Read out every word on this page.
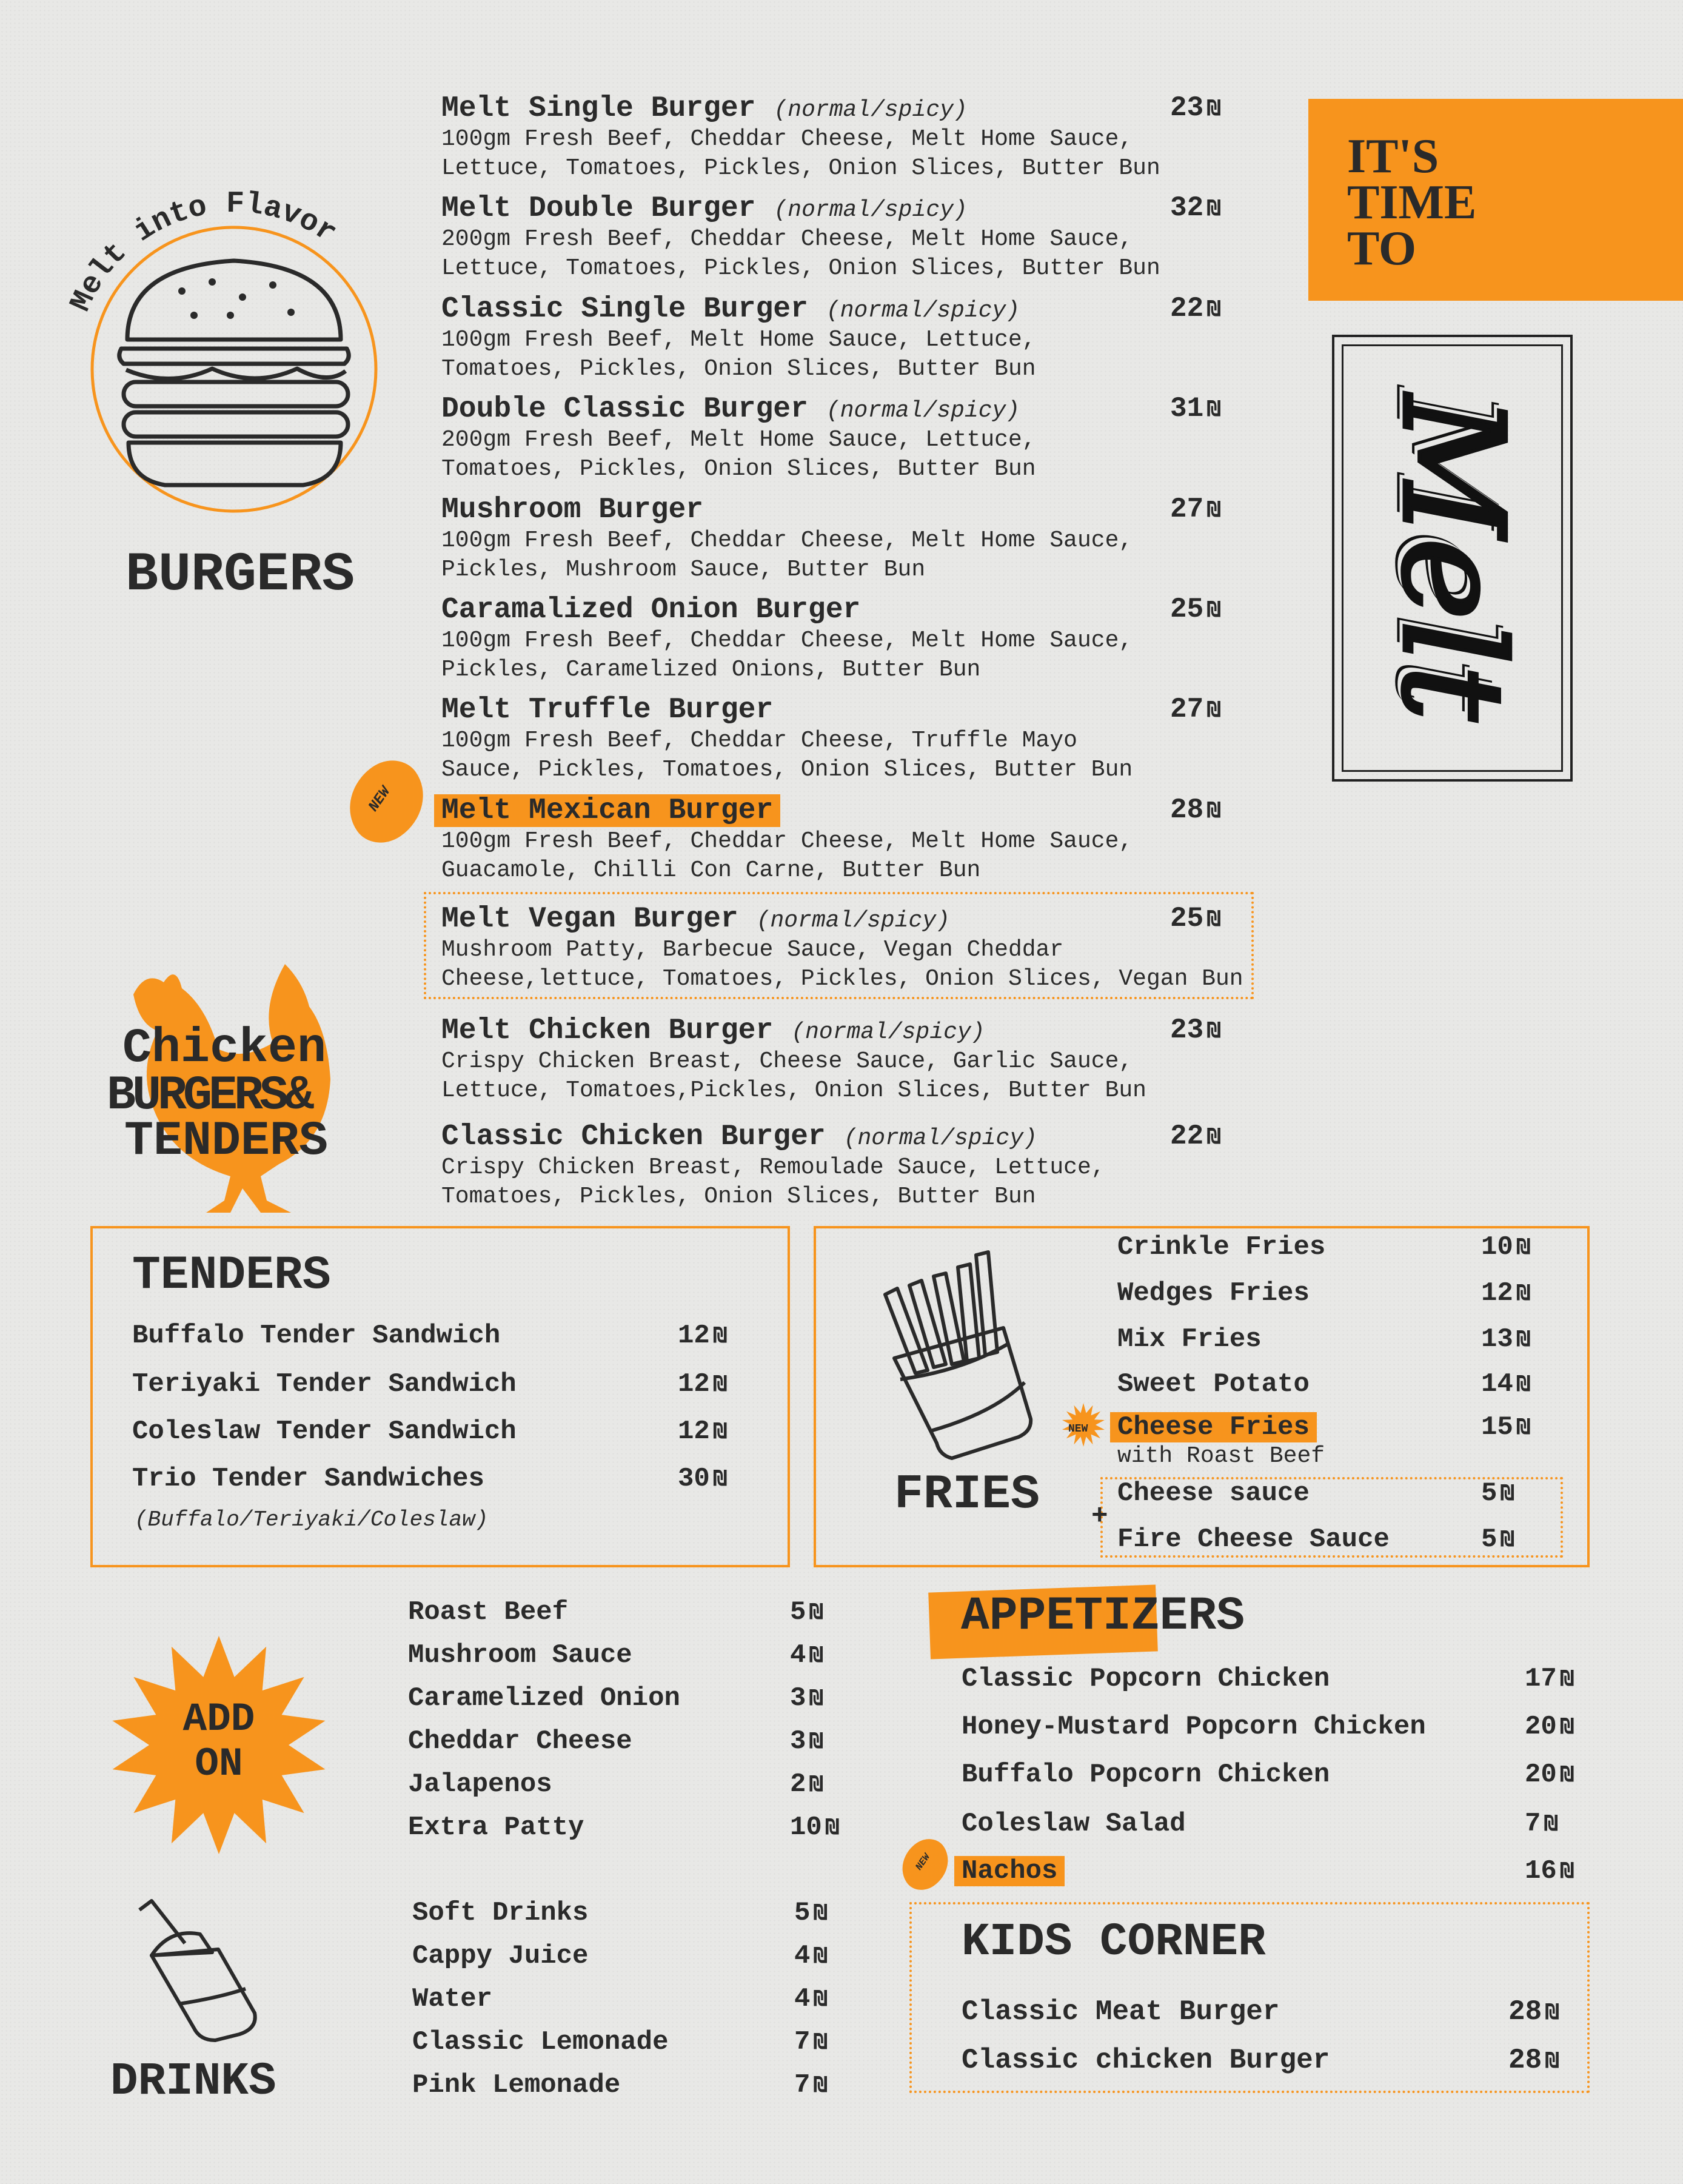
IT'S
TIME
TO
Melt
Melt into Flavor
BURGERS
Chicken
BURGERS&
TENDERS
Melt Single Burger (normal/spicy)
100gm Fresh Beef, Cheddar Cheese, Melt Home Sauce,
Lettuce, Tomatoes, Pickles, Onion Slices, Butter Bun
23 ₪
Melt Double Burger (normal/spicy)
200gm Fresh Beef, Cheddar Cheese, Melt Home Sauce,
Lettuce, Tomatoes, Pickles, Onion Slices, Butter Bun
32 ₪
Classic Single Burger (normal/spicy)
100gm Fresh Beef, Melt Home Sauce, Lettuce,
Tomatoes, Pickles, Onion Slices, Butter Bun
22 ₪
Double Classic Burger (normal/spicy)
200gm Fresh Beef, Melt Home Sauce, Lettuce,
Tomatoes, Pickles, Onion Slices, Butter Bun
31 ₪
Mushroom Burger
100gm Fresh Beef, Cheddar Cheese, Melt Home Sauce,
Pickles, Mushroom Sauce, Butter Bun
27 ₪
Caramalized Onion Burger
100gm Fresh Beef, Cheddar Cheese, Melt Home Sauce,
Pickles, Caramelized Onions, Butter Bun
25 ₪
Melt Truffle Burger
100gm Fresh Beef, Cheddar Cheese, Truffle Mayo
Sauce, Pickles, Tomatoes, Onion Slices, Butter Bun
27 ₪
Melt Mexican Burger
100gm Fresh Beef, Cheddar Cheese, Melt Home Sauce,
Guacamole, Chilli Con Carne, Butter Bun
28 ₪
Melt Vegan Burger (normal/spicy)
Mushroom Patty, Barbecue Sauce, Vegan Cheddar
Cheese,lettuce, Tomatoes, Pickles, Onion Slices, Vegan Bun
25 ₪
Melt Chicken Burger (normal/spicy)
Crispy Chicken Breast, Cheese Sauce, Garlic Sauce,
Lettuce, Tomatoes,Pickles, Onion Slices, Butter Bun
23 ₪
Classic Chicken Burger (normal/spicy)
Crispy Chicken Breast, Remoulade Sauce, Lettuce,
Tomatoes, Pickles, Onion Slices, Butter Bun
22 ₪
NEW
TENDERS
Buffalo Tender Sandwich	12 ₪
Teriyaki Tender Sandwich	12 ₪
Coleslaw Tender Sandwich	12 ₪
Trio Tender Sandwiches	30 ₪
(Buffalo/Teriyaki/Coleslaw)	FRIES
Crinkle Fries	10 ₪
Wedges Fries	12 ₪
Mix Fries	13 ₪
Sweet Potato	14 ₪
Cheese Fries	15 ₪
Cheese sauce	5 ₪
Fire Cheese Sauce	5 ₪
NEW
with Roast Beef
+
ADD
ON
Roast Beef	5 ₪
Mushroom Sauce	4 ₪
Caramelized Onion	3 ₪
Cheddar Cheese	3 ₪
Jalapenos	2 ₪
Extra Patty	10 ₪
DRINKS
Soft Drinks	5 ₪
Cappy Juice	4 ₪
Water	4 ₪
Classic Lemonade	7 ₪
Pink Lemonade	7 ₪
APPETIZERS
Classic Popcorn Chicken	17 ₪
Honey-Mustard Popcorn Chicken	20 ₪
Buffalo Popcorn Chicken	20 ₪
Coleslaw Salad	7 ₪
Nachos	16 ₪
NEW
KIDS CORNER
Classic Meat Burger	28 ₪
Classic chicken Burger	28 ₪
